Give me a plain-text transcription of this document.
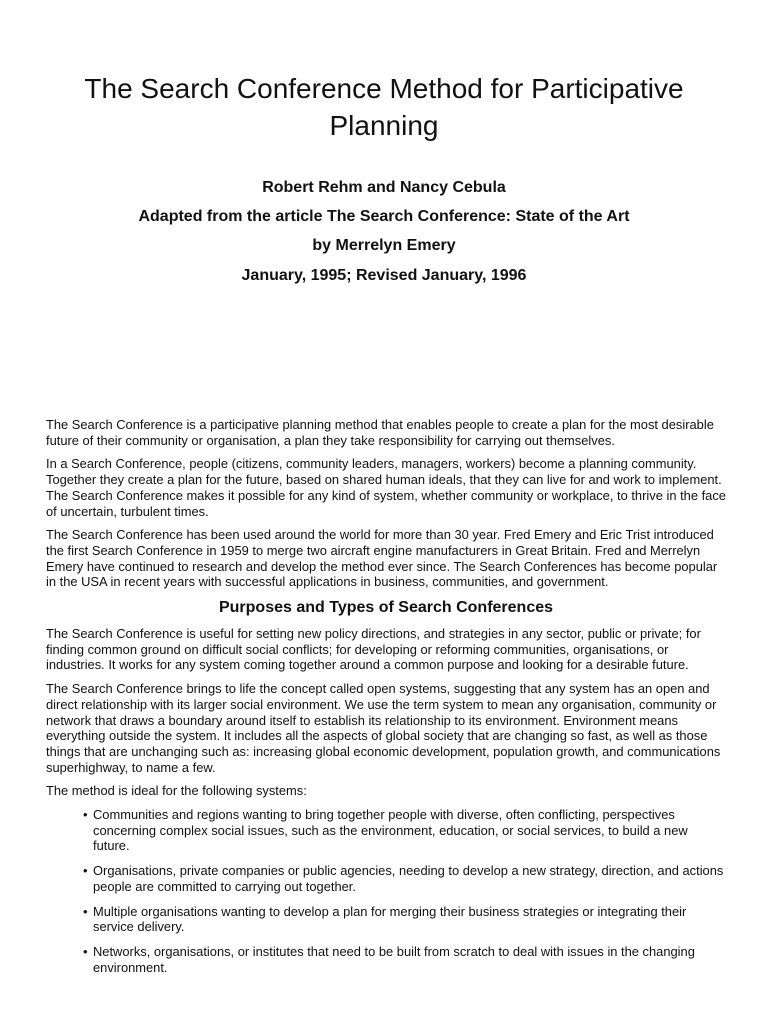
The Search Conference Method for Participative Planning

Robert Rehm and Nancy Cebula

Adapted from the article The Search Conference: State of the Art

by Merrelyn Emery

January, 1995; Revised January, 1996

The Search Conference is a participative planning method that enables people to create a plan for the most desirable future of their community or organisation, a plan they take responsibility for carrying out themselves.

In a Search Conference, people (citizens, community leaders, managers, workers) become a planning community. Together they create a plan for the future, based on shared human ideals, that they can live for and work to implement. The Search Conference makes it possible for any kind of system, whether community or workplace, to thrive in the face of uncertain, turbulent times.

The Search Conference has been used around the world for more than 30 year. Fred Emery and Eric Trist introduced the first Search Conference in 1959 to merge two aircraft engine manufacturers in Great Britain. Fred and Merrelyn Emery have continued to research and develop the method ever since. The Search Conferences has become popular in the USA in recent years with successful applications in business, communities, and government.

Purposes and Types of Search Conferences

The Search Conference is useful for setting new policy directions, and strategies in any sector, public or private; for finding common ground on difficult social conflicts; for developing or reforming communities, organisations, or industries. It works for any system coming together around a common purpose and looking for a desirable future.

The Search Conference brings to life the concept called open systems, suggesting that any system has an open and direct relationship with its larger social environment. We use the term system to mean any organisation, community or network that draws a boundary around itself to establish its relationship to its environment. Environment means everything outside the system. It includes all the aspects of global society that are changing so fast, as well as those things that are unchanging such as: increasing global economic development, population growth, and communications superhighway, to name a few.

The method is ideal for the following systems:

• Communities and regions wanting to bring together people with diverse, often conflicting, perspectives concerning complex social issues, such as the environment, education, or social services, to build a new future.
• Organisations, private companies or public agencies, needing to develop a new strategy, direction, and actions people are committed to carrying out together.
• Multiple organisations wanting to develop a plan for merging their business strategies or integrating their service delivery.
• Networks, organisations, or institutes that need to be built from scratch to deal with issues in the changing environment.
